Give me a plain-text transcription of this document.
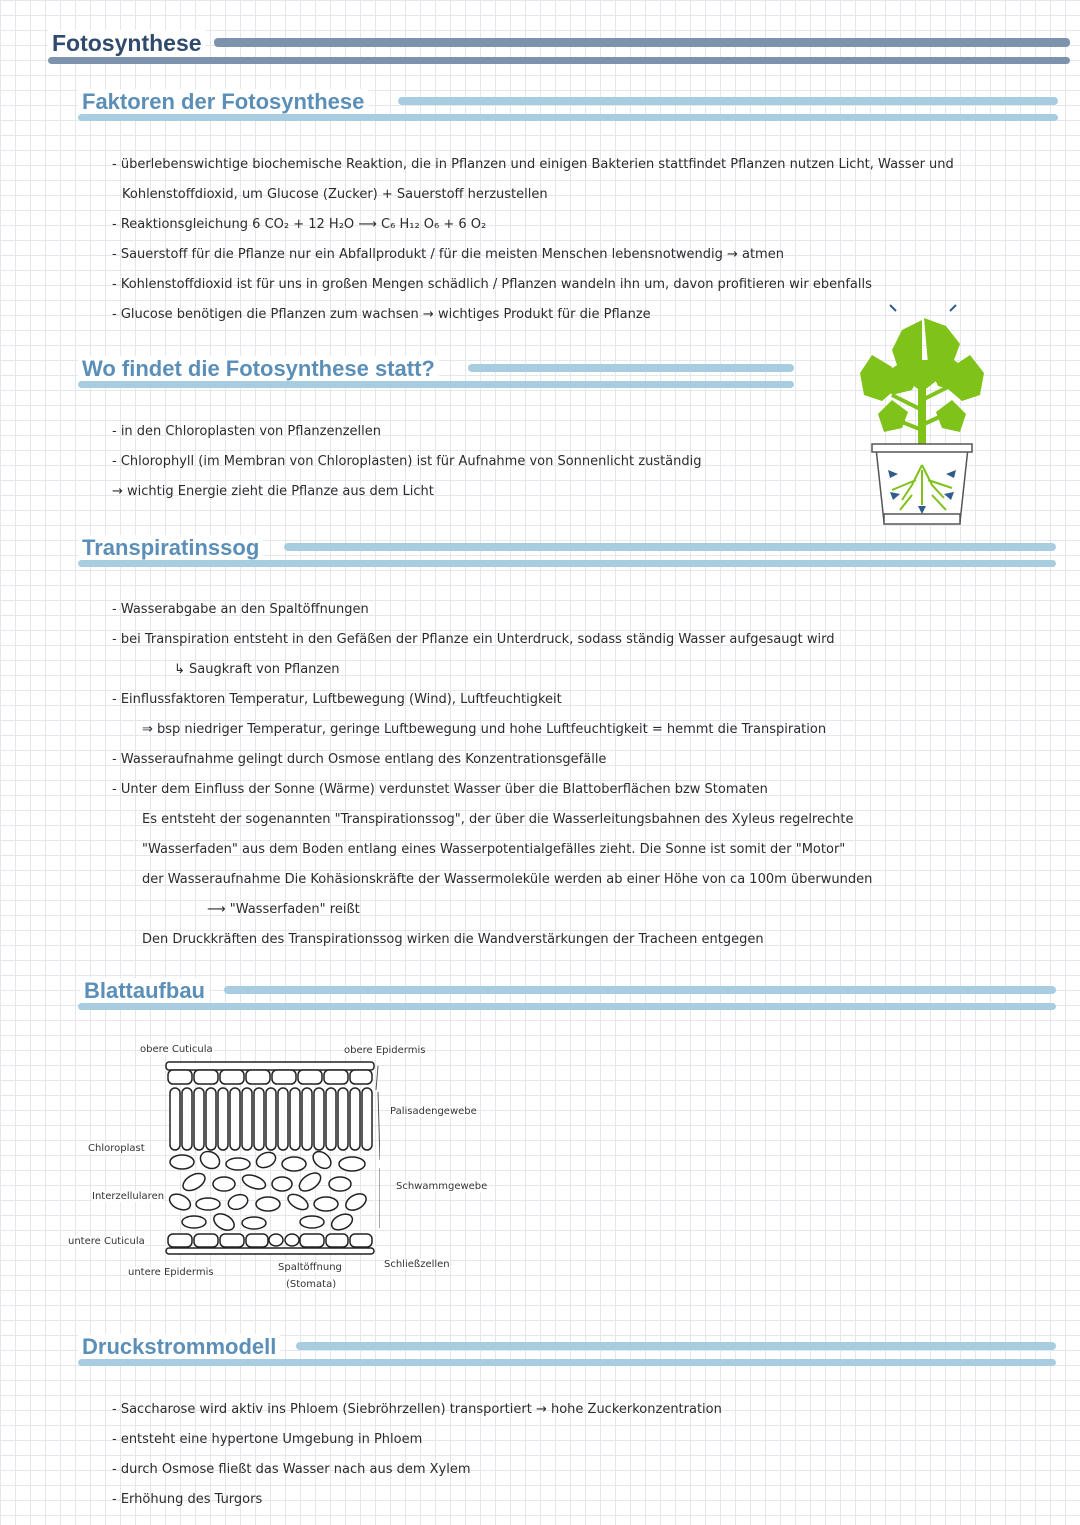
Fotosynthese
Faktoren der Fotosynthese
- überlebenswichtige biochemische Reaktion, die in Pflanzen und einigen Bakterien stattfindet Pflanzen nutzen Licht, Wasser und
Kohlenstoffdioxid, um Glucose (Zucker) + Sauerstoff herzustellen
- Reaktionsgleichung 6 CO₂ + 12 H₂O ⟶ C₆ H₁₂ O₆ + 6 O₂
- Sauerstoff für die Pflanze nur ein Abfallprodukt / für die meisten Menschen lebensnotwendig → atmen
- Kohlenstoffdioxid ist für uns in großen Mengen schädlich / Pflanzen wandeln ihn um, davon profitieren wir ebenfalls
- Glucose benötigen die Pflanzen zum wachsen → wichtiges Produkt für die Pflanze
Wo findet die Fotosynthese statt?
- in den Chloroplasten von Pflanzenzellen
- Chlorophyll (im Membran von Chloroplasten) ist für Aufnahme von Sonnenlicht zuständig
→ wichtig Energie zieht die Pflanze aus dem Licht
Transpiratinssog
- Wasserabgabe an den Spaltöffnungen
- bei Transpiration entsteht in den Gefäßen der Pflanze ein Unterdruck, sodass ständig Wasser aufgesaugt wird
↳ Saugkraft von Pflanzen
- Einflussfaktoren Temperatur, Luftbewegung (Wind), Luftfeuchtigkeit
⇒ bsp niedriger Temperatur, geringe Luftbewegung und hohe Luftfeuchtigkeit = hemmt die Transpiration
- Wasseraufnahme gelingt durch Osmose entlang des Konzentrationsgefälle
- Unter dem Einfluss der Sonne (Wärme) verdunstet Wasser über die Blattoberflächen bzw Stomaten
Es entsteht der sogenannten "Transpirationssog", der über die Wasserleitungsbahnen des Xyleus regelrechte
"Wasserfaden" aus dem Boden entlang eines Wasserpotentialgefälles zieht. Die Sonne ist somit der "Motor"
der Wasseraufnahme Die Kohäsionskräfte der Wassermoleküle werden ab einer Höhe von ca 100m überwunden
⟶ "Wasserfaden" reißt
Den Druckkräften des Transpirationssog wirken die Wandverstärkungen der Tracheen entgegen
Blattaufbau
obere Cuticula	obere Epidermis
Palisadengewebe
Chloroplast
Schwammgewebe
Interzellularen
untere Cuticula
Schließzellen
untere Epidermis	Spaltöffnung
(Stomata)
Druckstrommodell
- Saccharose wird aktiv ins Phloem (Siebröhrzellen) transportiert → hohe Zuckerkonzentration
- entsteht eine hypertone Umgebung in Phloem
- durch Osmose fließt das Wasser nach aus dem Xylem
- Erhöhung des Turgors
